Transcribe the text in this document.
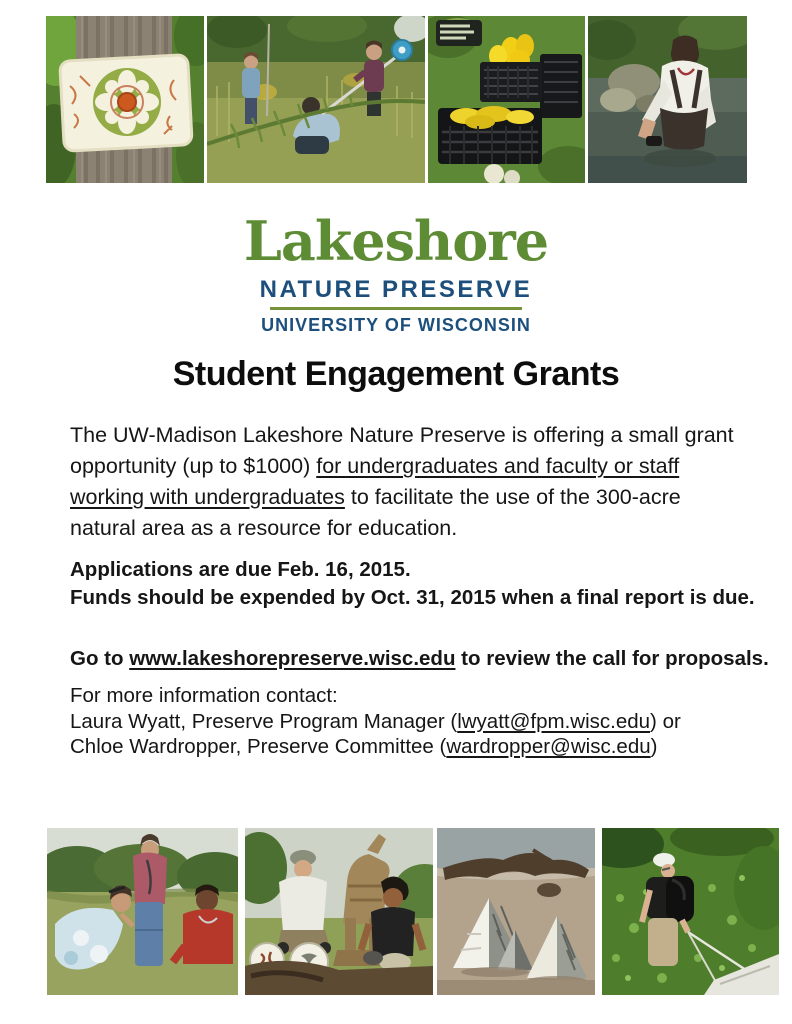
Lakeshore
NATURE PRESERVE
UNIVERSITY OF WISCONSIN
Student Engagement Grants
The UW-Madison Lakeshore Nature Preserve is offering a small grant
opportunity (up to $1000) for undergraduates and faculty or staff
working with undergraduates to facilitate the use of the 300-acre
natural area as a resource for education.
Applications are due Feb. 16, 2015.
Funds should be expended by Oct. 31, 2015 when a final report is due.
Go to www.lakeshorepreserve.wisc.edu to review the call for proposals.
For more information contact:
Laura Wyatt, Preserve Program Manager (lwyatt@fpm.wisc.edu) or
Chloe Wardropper, Preserve Committee (wardropper@wisc.edu)
